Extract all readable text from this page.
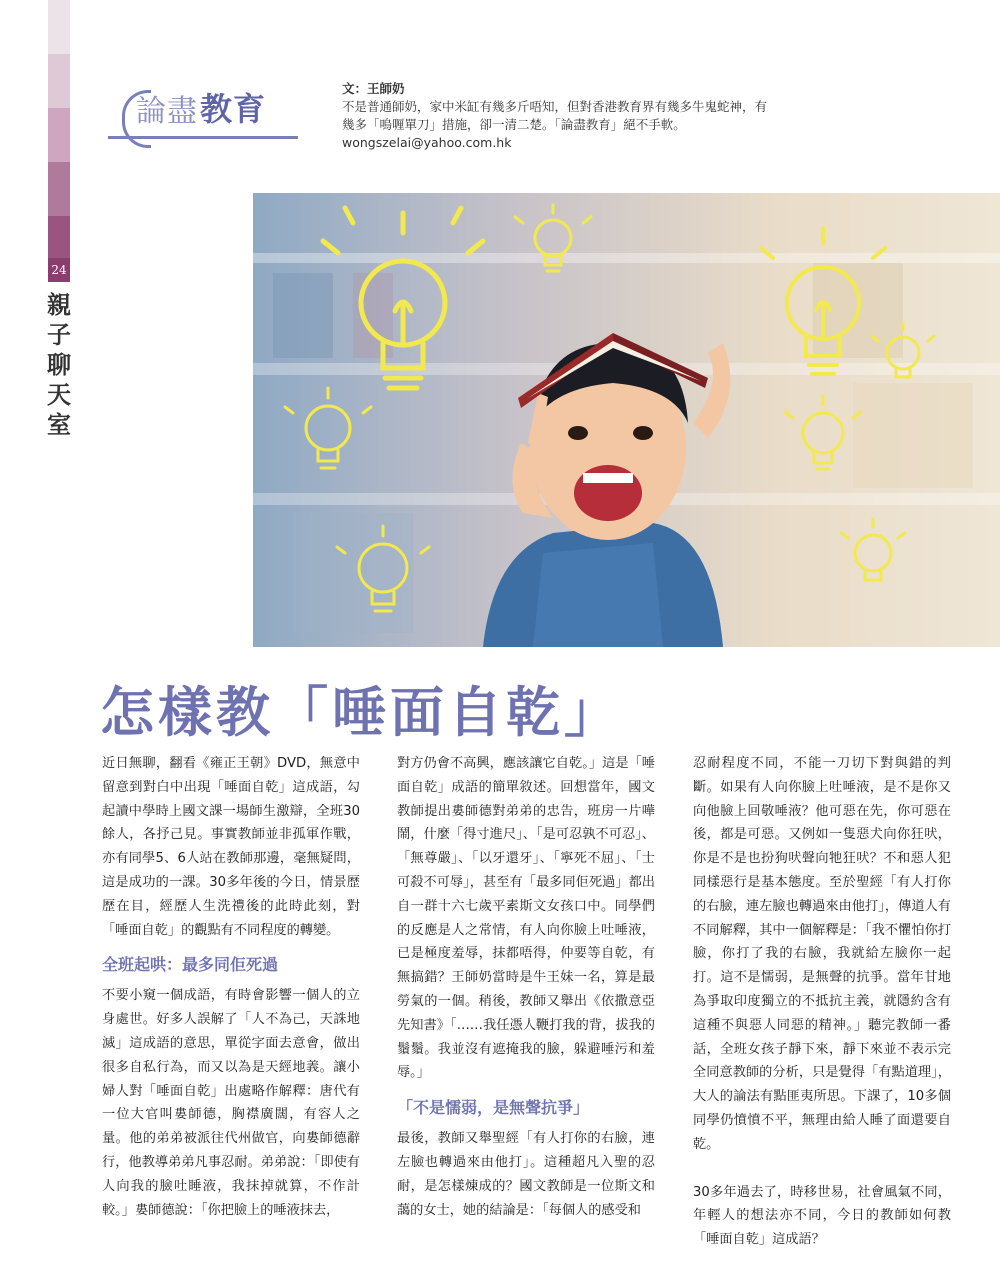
24
親
子
聊
天
室
論盡 教育
文：王師奶
不是普通師奶，家中米缸有幾多斤唔知，但對香港教育界有幾多牛鬼蛇神，有幾多「嗚喱單刀」措施，卻一清二楚。「論盡教育」絕不手軟。
wongszelai@yahoo.com.hk
怎樣教「唾面自乾」

近日無聊，翻看《雍正王朝》DVD，無意中留意到對白中出現「唾面自乾」這成語，勾起讀中學時上國文課一場師生激辯，全班30餘人，各抒己見。事實教師並非孤軍作戰，亦有同學5、6人站在教師那邊，毫無疑問，這是成功的一課。30多年後的今日，情景歷歷在目，經歷人生洗禮後的此時此刻，對「唾面自乾」的觀點有不同程度的轉變。

全班起哄：最多同佢死過

不要小窺一個成語，有時會影響一個人的立身處世。好多人誤解了「人不為己，天誅地滅」這成語的意思，單從字面去意會，做出很多自私行為，而又以為是天經地義。讓小婦人對「唾面自乾」出處略作解釋：唐代有一位大官叫婁師德，胸襟廣闊，有容人之量。他的弟弟被派往代州做官，向婁師德辭行，他教導弟弟凡事忍耐。弟弟說：「即使有人向我的臉吐睡液，我抹掉就算，不作計較。」婁師德說：「你把臉上的唾液抹去，

對方仍會不高興，應該讓它自乾。」這是「唾面自乾」成語的簡單敘述。回想當年，國文教師提出婁師德對弟弟的忠告，班房一片嘩鬧，什麼「得寸進尺」、「是可忍孰不可忍」、「無尊嚴」、「以牙還牙」、「寧死不屈」、「士可殺不可辱」，甚至有「最多同佢死過」都出自一群十六七歲平素斯文女孩口中。同學們的反應是人之常情，有人向你臉上吐唾液，已是極度羞辱，抹都唔得，仲要等自乾，有無搞錯？王師奶當時是牛王妹一名，算是最勞氣的一個。稍後，教師又舉出《依撒意亞先知書》「……我任憑人鞭打我的背，拔我的鬚鬚。我並沒有遮掩我的臉，躲避唾污和羞辱。」

「不是懦弱，是無聲抗爭」

最後，教師又舉聖經「有人打你的右臉，連左臉也轉過來由他打」。這種超凡入聖的忍耐，是怎樣煉成的？國文教師是一位斯文和藹的女士，她的結論是：「每個人的感受和

忍耐程度不同，不能一刀切下對與錯的判斷。如果有人向你臉上吐唾液，是不是你又向他臉上回敬唾液？他可惡在先，你可惡在後，都是可惡。又例如一隻惡犬向你狂吠，你是不是也扮狗吠聲向牠狂吠？不和惡人犯同樣惡行是基本態度。至於聖經「有人打你的右臉，連左臉也轉過來由他打」，傳道人有不同解釋，其中一個解釋是：「我不懼怕你打臉，你打了我的右臉，我就給左臉你一起打。這不是懦弱，是無聲的抗爭。當年甘地為爭取印度獨立的不抵抗主義，就隱約含有這種不與惡人同惡的精神。」聽完教師一番話，全班女孩子靜下來，靜下來並不表示完全同意教師的分析，只是覺得「有點道理」，大人的論法有點匪夷所思。下課了，10多個同學仍憤憤不平，無理由給人睡了面還要自乾。

30多年過去了，時移世易，社會風氣不同，年輕人的想法亦不同，今日的教師如何教「唾面自乾」這成語？
